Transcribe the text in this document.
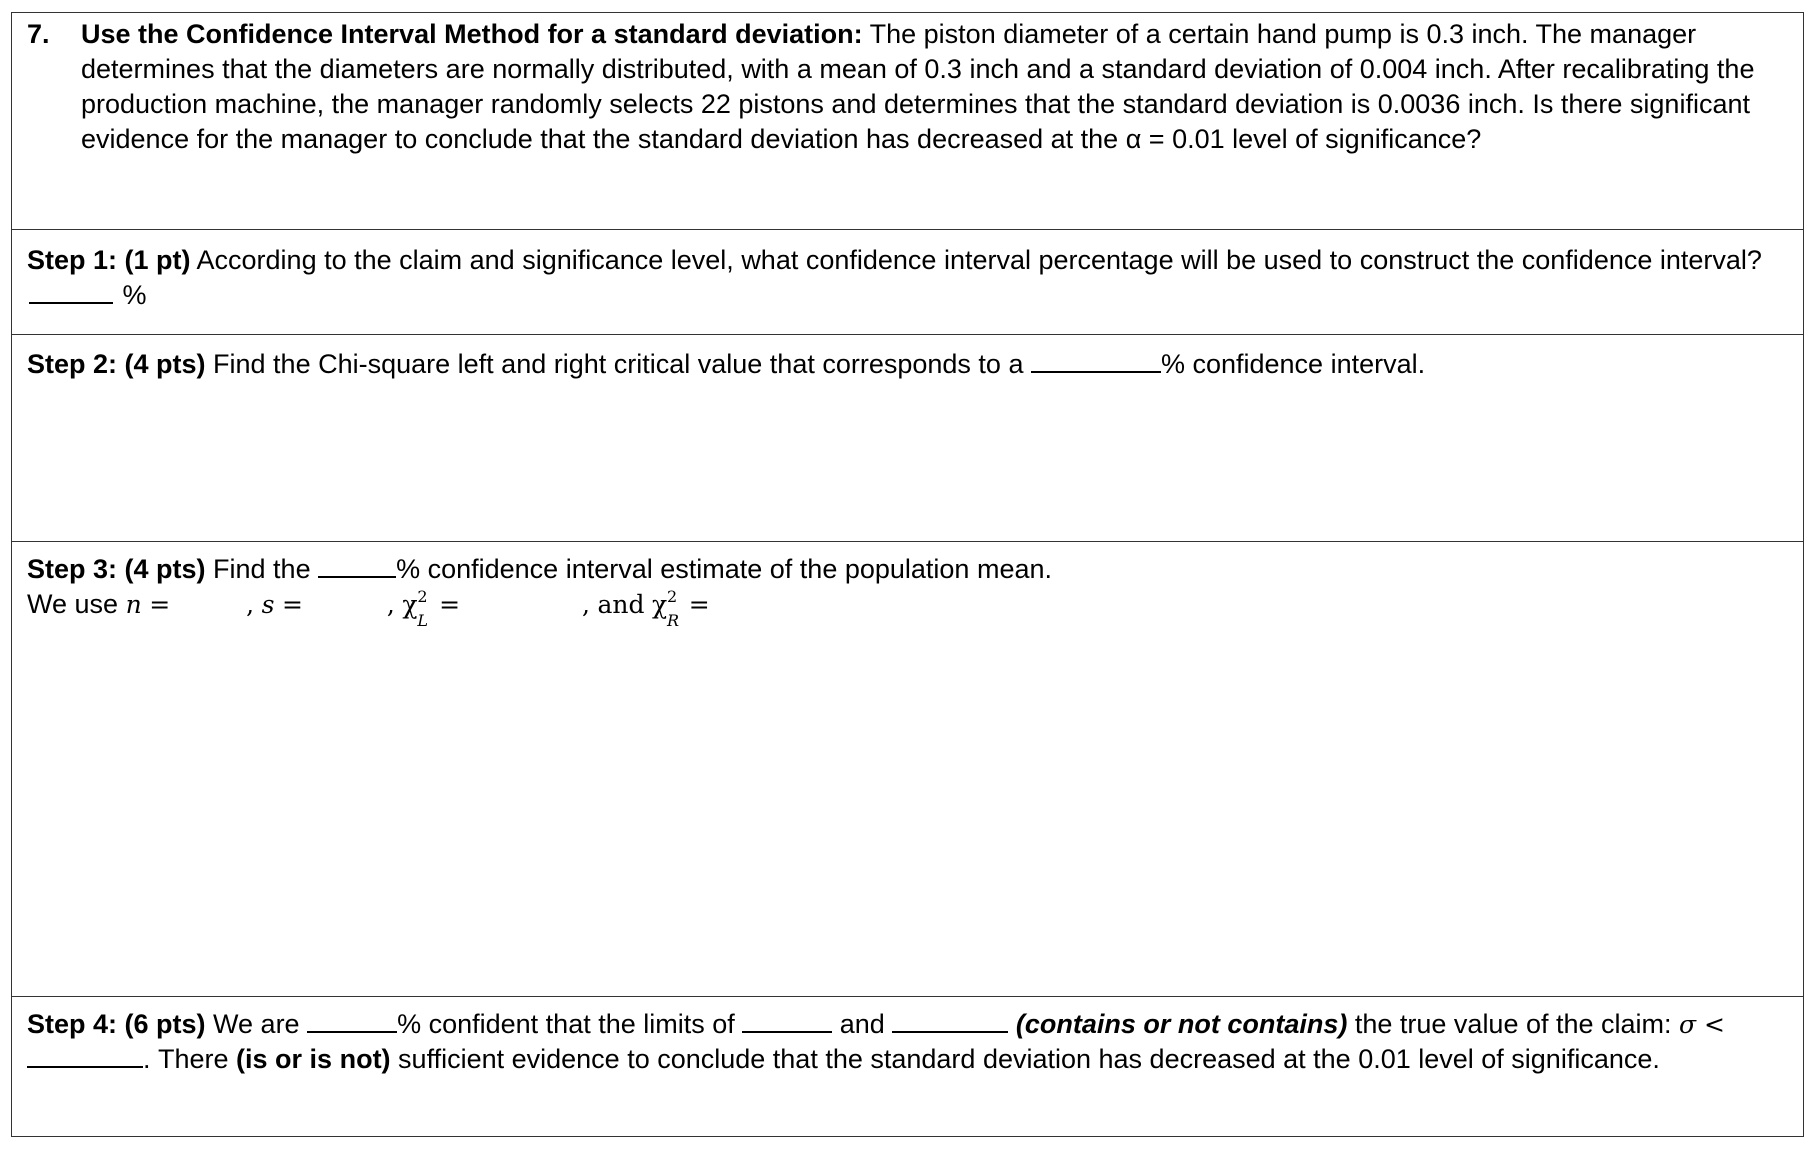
7. Use the Confidence Interval Method for a standard deviation: The piston diameter of a certain hand pump is 0.3 inch. The manager determines that the diameters are normally distributed, with a mean of 0.3 inch and a standard deviation of 0.004 inch. After recalibrating the production machine, the manager randomly selects 22 pistons and determines that the standard deviation is 0.0036 inch. Is there significant evidence for the manager to conclude that the standard deviation has decreased at the α = 0.01 level of significance?
Step 1: (1 pt) According to the claim and significance level, what confidence interval percentage will be used to construct the confidence interval?  %
Step 2: (4 pts) Find the Chi-square left and right critical value that corresponds to a	% confidence interval.
Step 3: (4 pts) Find the	% confidence interval estimate of the population mean.
We use n =	, s =	, χ 2
L
=	, and χ 2
R
=
Step 4: (6 pts) We are	% confident that the limits of	and	(contains or not contains) the true value of the claim: σ < . There (is or is not) sufficient evidence to conclude that the standard deviation has decreased at the 0.01 level of significance.
